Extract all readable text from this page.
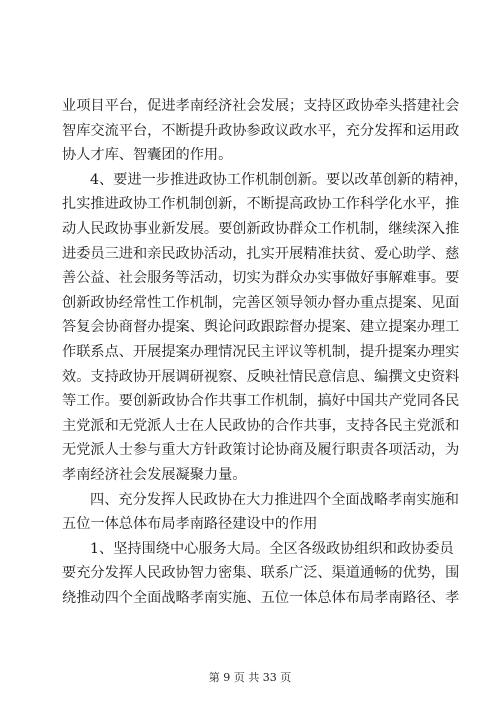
业项目平台，促进孝南经济社会发展；支持区政协牵头搭建社会
智库交流平台，不断提升政协参政议政水平，充分发挥和运用政
协人才库、智囊团的作用。
4、要进一步推进政协工作机制创新。要以改革创新的精神，
扎实推进政协工作机制创新，不断提高政协工作科学化水平，推
动人民政协事业新发展。要创新政协群众工作机制，继续深入推
进委员三进和亲民政协活动，扎实开展精准扶贫、爱心助学、慈
善公益、社会服务等活动，切实为群众办实事做好事解难事。要
创新政协经常性工作机制，完善区领导领办督办重点提案、见面
答复会协商督办提案、舆论问政跟踪督办提案、建立提案办理工
作联系点、开展提案办理情况民主评议等机制，提升提案办理实
效。支持政协开展调研视察、反映社情民意信息、编撰文史资料
等工作。要创新政协合作共事工作机制，搞好中国共产党同各民
主党派和无党派人士在人民政协的合作共事，支持各民主党派和
无党派人士参与重大方针政策讨论协商及履行职责各项活动，为
孝南经济社会发展凝聚力量。
四、充分发挥人民政协在大力推进四个全面战略孝南实施和
五位一体总体布局孝南路径建设中的作用
1、坚持围绕中心服务大局。全区各级政协组织和政协委员
要充分发挥人民政协智力密集、联系广泛、渠道通畅的优势，围
绕推动四个全面战略孝南实施、五位一体总体布局孝南路径、孝
第 9 页 共 33 页
